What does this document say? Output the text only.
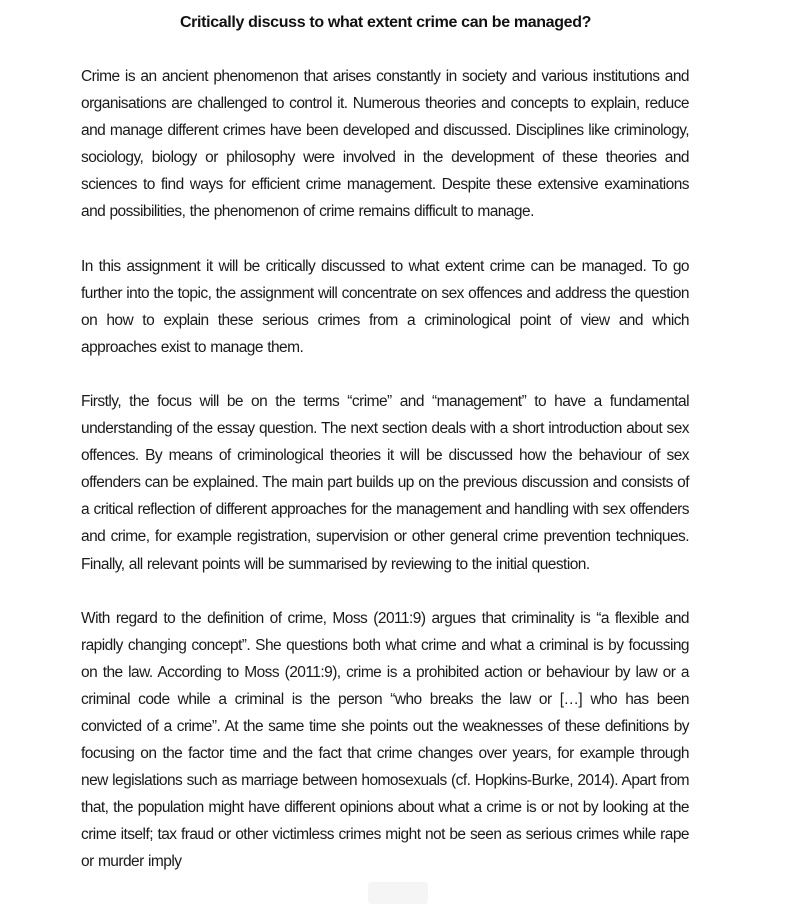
Critically discuss to what extent crime can be managed?

Crime is an ancient phenomenon that arises constantly in society and various institutions and organisations are challenged to control it. Numerous theories and concepts to explain, reduce and manage different crimes have been developed and discussed. Disciplines like criminology, sociology, biology or philosophy were involved in the development of these theories and sciences to find ways for efficient crime management. Despite these extensive examinations and possibilities, the phenomenon of crime remains difficult to manage.

In this assignment it will be critically discussed to what extent crime can be managed. To go further into the topic, the assignment will concentrate on sex offences and address the question on how to explain these serious crimes from a criminological point of view and which approaches exist to manage them.

Firstly, the focus will be on the terms “crime” and “management” to have a fundamental understanding of the essay question. The next section deals with a short introduction about sex offences. By means of criminological theories it will be discussed how the behaviour of sex offenders can be explained. The main part builds up on the previous discussion and consists of a critical reflection of different approaches for the management and handling with sex offenders and crime, for example registration, supervision or other general crime prevention techniques. Finally, all relevant points will be summarised by reviewing to the initial question.

With regard to the definition of crime, Moss (2011:9) argues that criminality is “a flexible and rapidly changing concept”. She questions both what crime and what a criminal is by focussing on the law. According to Moss (2011:9), crime is a prohibited action or behaviour by law or a criminal code while a criminal is the person “who breaks the law or […] who has been convicted of a crime”. At the same time she points out the weaknesses of these definitions by focusing on the factor time and the fact that crime changes over years, for example through new legislations such as marriage between homosexuals (cf. Hopkins-Burke, 2014). Apart from that, the population might have different opinions about what a crime is or not by looking at the crime itself; tax fraud or other victimless crimes might not be seen as serious crimes while rape or murder imply
